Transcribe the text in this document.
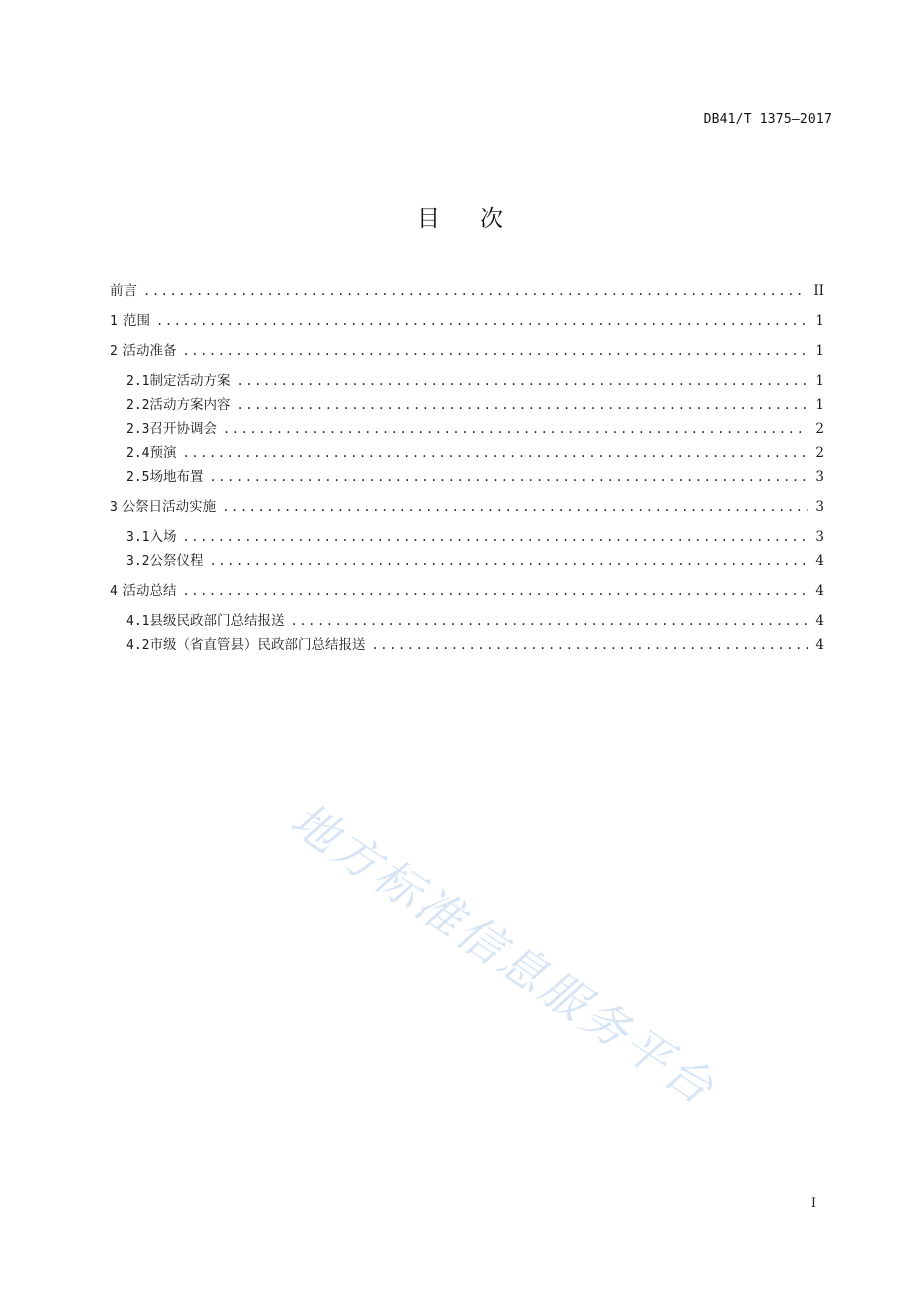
DB41/T 1375—2017
目 次
前言 .....	II
1 范围 .....	1
2 活动准备 .....	1
2.1 制定活动方案 .....	1
2.2 活动方案内容 .....	1
2.3 召开协调会 .....	2
2.4 预演 .....	2
2.5 场地布置 .....	3
3 公祭日活动实施 .....	3
3.1 入场 .....	3
3.2 公祭仪程 .....	4
4 活动总结 .....	4
4.1 县级民政部门总结报送 .....	4
4.2 市级（省直管县）民政部门总结报送 .....	4
地方标准信息服务平台
I
